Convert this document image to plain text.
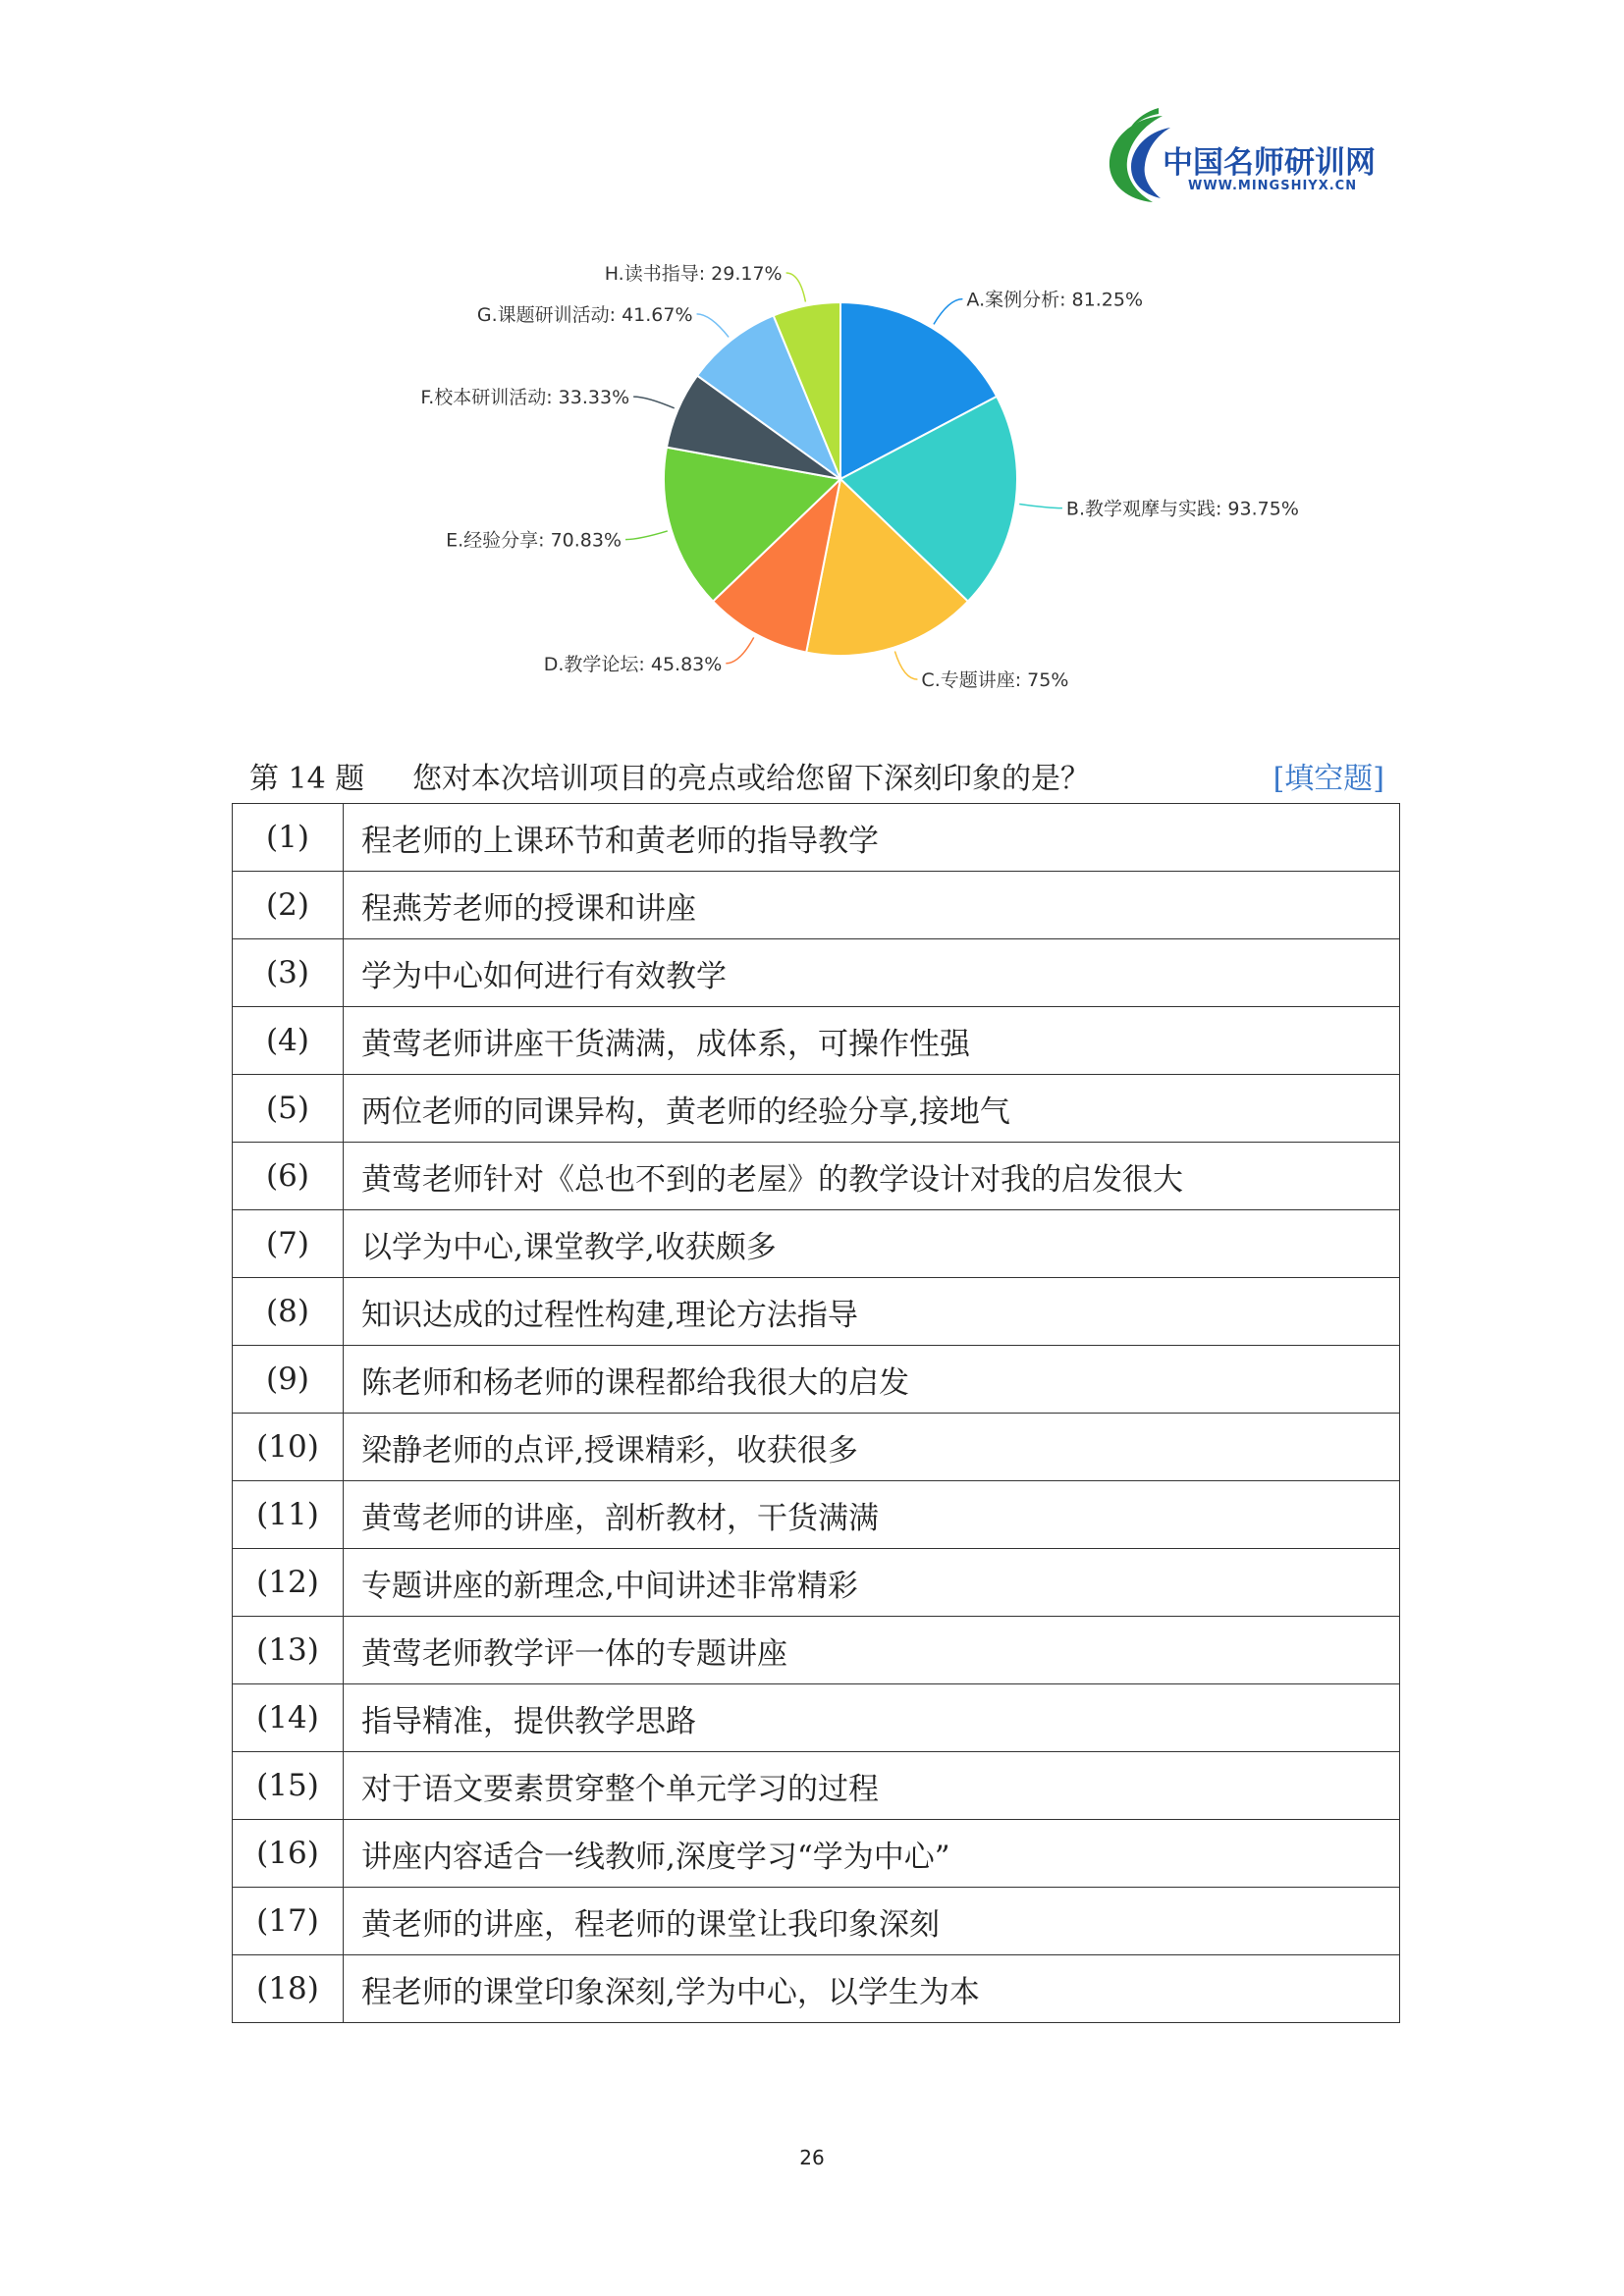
中国名师研训网
WWW.MINGSHIYX.CN
A.案例分析: 81.25%
B.教学观摩与实践: 93.75%
C.专题讲座: 75%
D.教学论坛: 45.83%
E.经验分享: 70.83%
F.校本研训活动: 33.33%
G.课题研训活动: 41.67%
H.读书指导: 29.17%
第 14 题 您对本次培训项目的亮点或给您留下深刻印象的是？	[填空题]
(1)	程老师的上课环节和黄老师的指导教学
(2)	程燕芳老师的授课和讲座
(3)	学为中心如何进行有效教学
(4)	黄莺老师讲座干货满满，成体系，可操作性强
(5)	两位老师的同课异构，黄老师的经验分享,接地气
(6)	黄莺老师针对《总也不到的老屋》的教学设计对我的启发很大
(7)	以学为中心,课堂教学,收获颇多
(8)	知识达成的过程性构建,理论方法指导
(9)	陈老师和杨老师的课程都给我很大的启发
(10)	梁静老师的点评,授课精彩，收获很多
(11)	黄莺老师的讲座，剖析教材，干货满满
(12)	专题讲座的新理念,中间讲述非常精彩
(13)	黄莺老师教学评一体的专题讲座
(14)	指导精准，提供教学思路
(15)	对于语文要素贯穿整个单元学习的过程
(16)	讲座内容适合一线教师,深度学习“学为中心”
(17)	黄老师的讲座，程老师的课堂让我印象深刻
(18)	程老师的课堂印象深刻,学为中心，以学生为本
26
